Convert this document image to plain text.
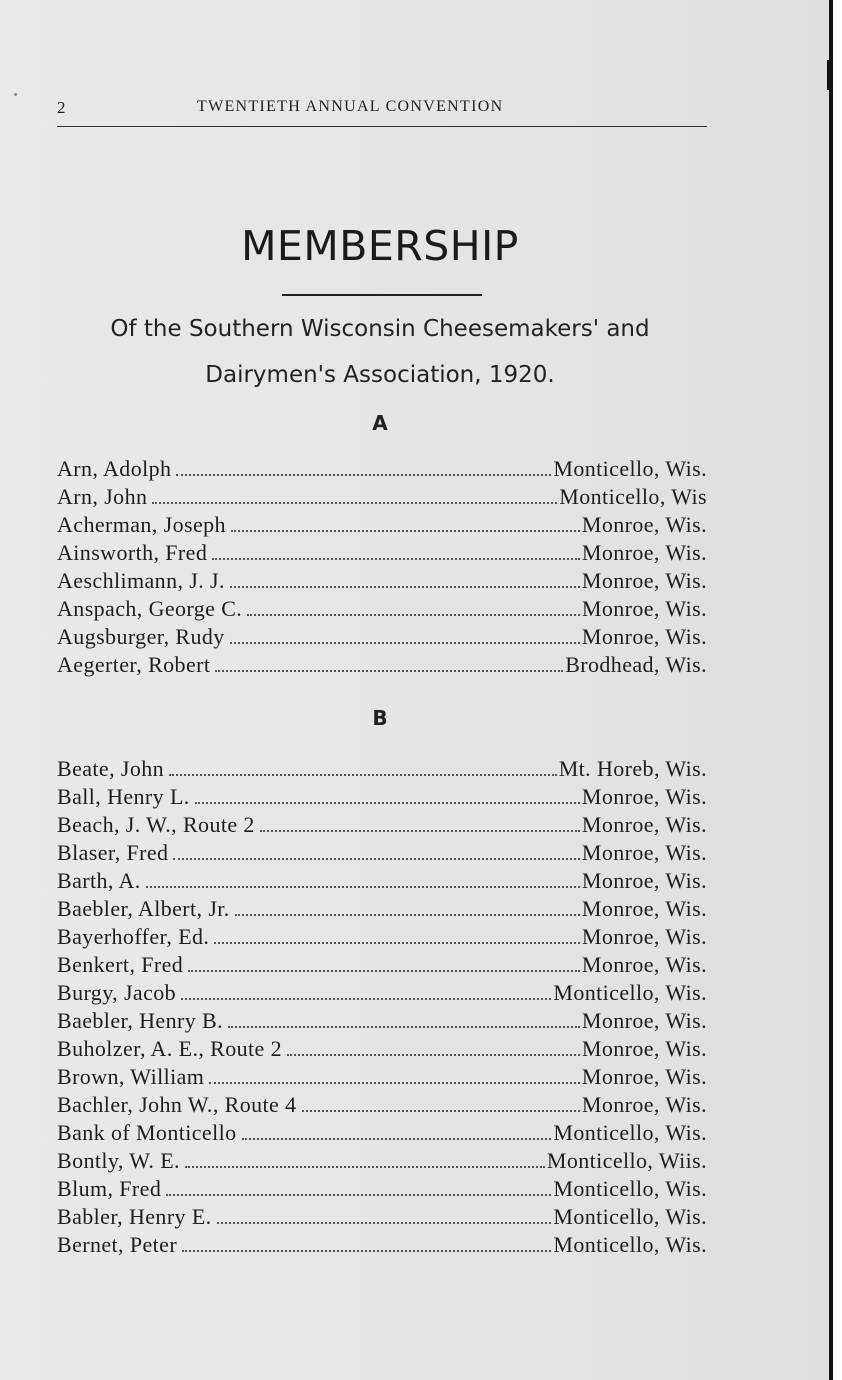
2	TWENTIETH ANNUAL CONVENTION
MEMBERSHIP
Of the Southern Wisconsin Cheesemakers' and
Dairymen's Association, 1920.
A
Arn, Adolph	Monticello, Wis.
Arn, John	Monticello, Wis
Acherman, Joseph	Monroe, Wis.
Ainsworth, Fred	Monroe, Wis.
Aeschlimann, J. J.	Monroe, Wis.
Anspach, George C.	Monroe, Wis.
Augsburger, Rudy	Monroe, Wis.
Aegerter, Robert	Brodhead, Wis.
B
Beate, John	Mt. Horeb, Wis.
Ball, Henry L.	Monroe, Wis.
Beach, J. W., Route 2	Monroe, Wis.
Blaser, Fred	Monroe, Wis.
Barth, A.	Monroe, Wis.
Baebler, Albert, Jr.	Monroe, Wis.
Bayerhoffer, Ed.	Monroe, Wis.
Benkert, Fred	Monroe, Wis.
Burgy, Jacob	Monticello, Wis.
Baebler, Henry B.	Monroe, Wis.
Buholzer, A. E., Route 2	Monroe, Wis.
Brown, William	Monroe, Wis.
Bachler, John W., Route 4	Monroe, Wis.
Bank of Monticello	Monticello, Wis.
Bontly, W. E.	Monticello, Wiis.
Blum, Fred	Monticello, Wis.
Babler, Henry E.	Monticello, Wis.
Bernet, Peter	Monticello, Wis.
